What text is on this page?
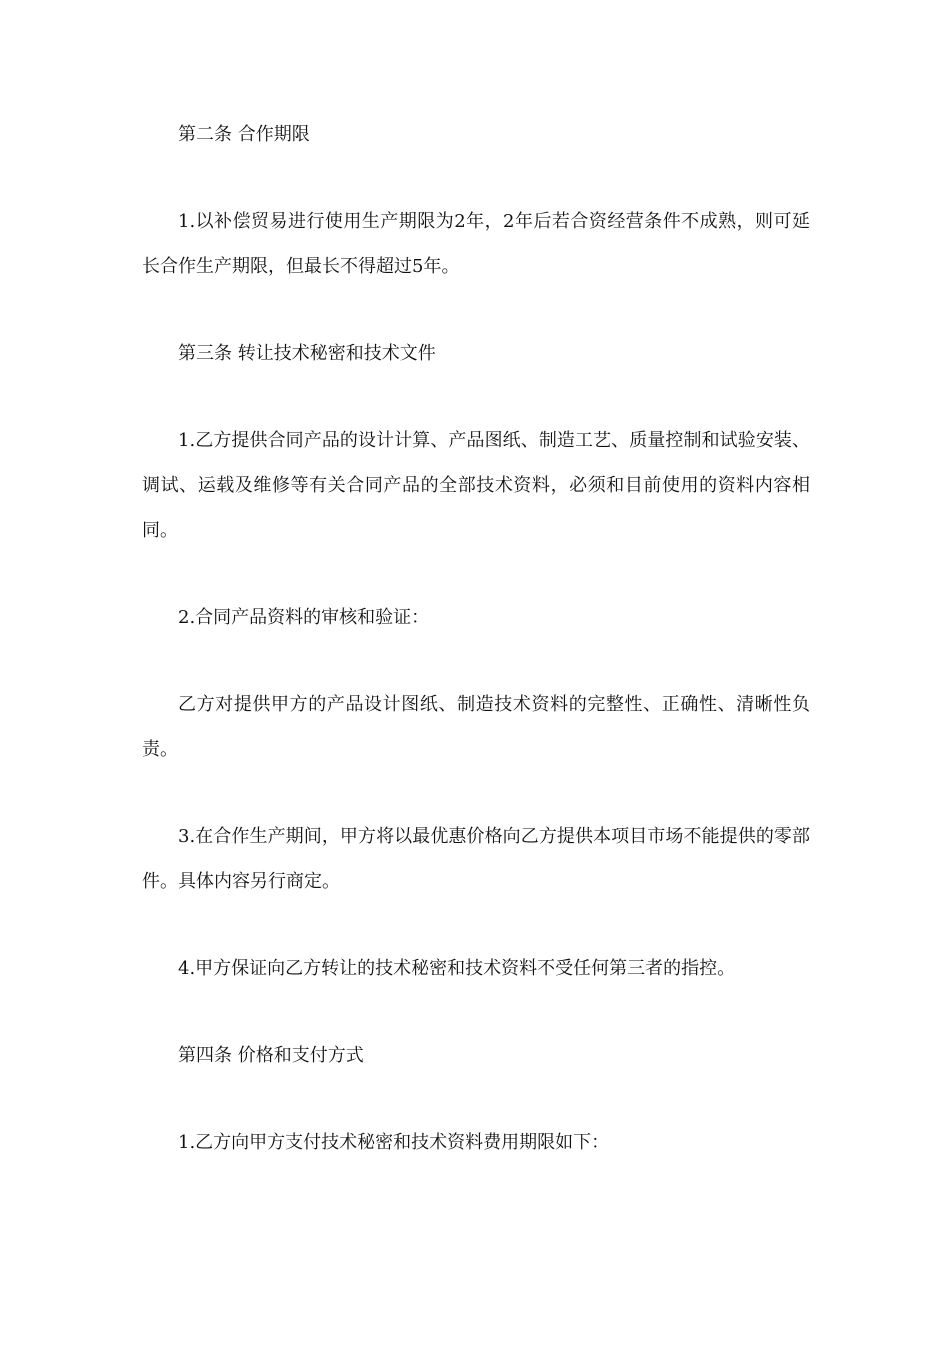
第二条 合作期限

1.以补偿贸易进行使用生产期限为2年，2年后若合资经营条件不成熟，则可延长合作生产期限，但最长不得超过5年。

第三条 转让技术秘密和技术文件

1.乙方提供合同产品的设计计算、产品图纸、制造工艺、质量控制和试验安装、调试、运载及维修等有关合同产品的全部技术资料，必须和目前使用的资料内容相同。

2.合同产品资料的审核和验证：

乙方对提供甲方的产品设计图纸、制造技术资料的完整性、正确性、清晰性负责。

3.在合作生产期间，甲方将以最优惠价格向乙方提供本项目市场不能提供的零部件。具体内容另行商定。

4.甲方保证向乙方转让的技术秘密和技术资料不受任何第三者的指控。

第四条 价格和支付方式

1.乙方向甲方支付技术秘密和技术资料费用期限如下：
